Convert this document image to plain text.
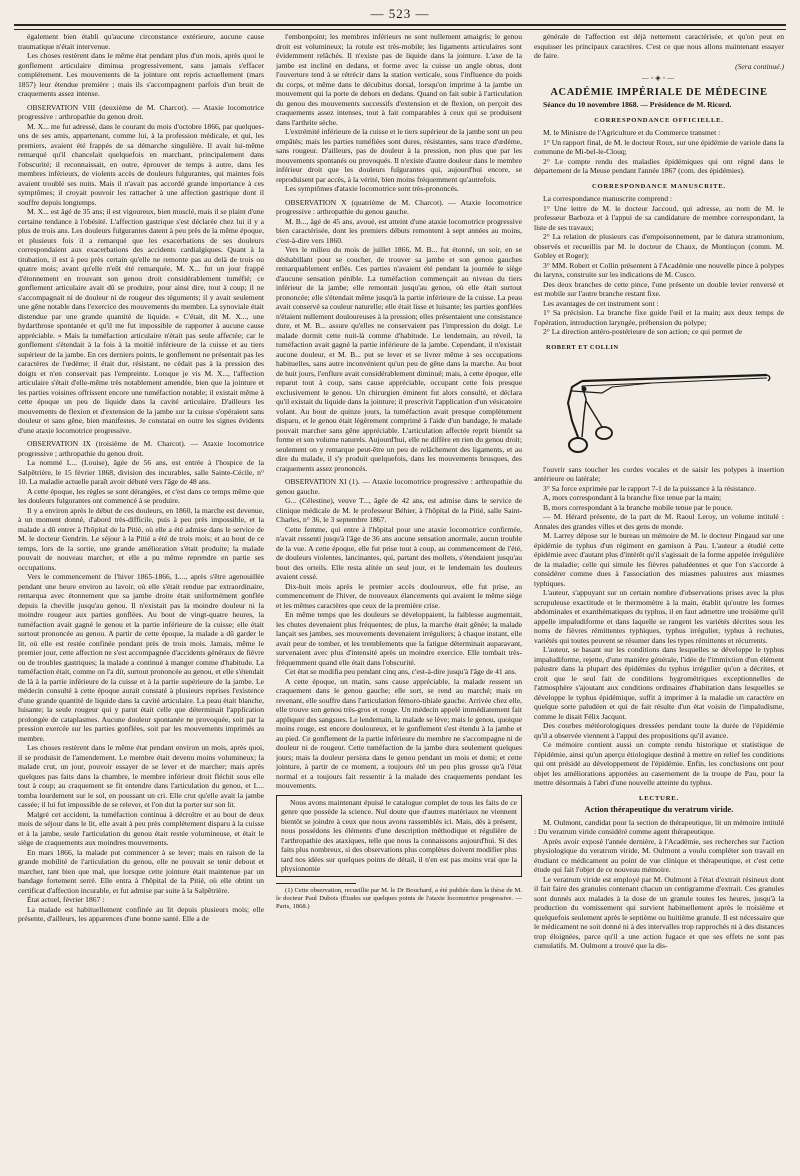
— 523 —

également bien établi qu'aucune circonstance extérieure, aucune cause traumatique n'était intervenue.

Les choses restèrent dans le même état pendant plus d'un mois, après quoi le gonflement articulaire diminua progressivement, sans jamais s'effacer complétement. Les mouvements de la jointure ont repris actuellement (mars 1857) leur étendue première ; mais ils s'accompagnent parfois d'un bruit de craquements assez intense.

OBSERVATION VIII (deuxième de M. Charcot). — Ataxie locomotrice progressive : arthropathie du genou droit.

M. X... me fut adressé, dans le courant du mois d'octobre 1866, par quelques-uns de ses amis, appartenant, comme lui, à la profession médicale, et qui, les premiers, avaient été frappés de sa démarche singulière. Il avait lui-même remarqué qu'il chancelait quelquefois en marchant, principalement dans l'obscurité; il reconnaissait, en outre, éprouver de temps à autre, dans les membres inférieurs, de violents accès de douleurs fulgurantes, qui maintes fois avaient troublé ses nuits. Mais il n'avait pas accordé grande importance à ces symptômes; il croyait pouvoir les rattacher à une affection gastrique dont il souffre depuis longtemps.

M. X... est âgé de 35 ans; il est vigoureux, bien musclé, mais il se plaint d'une certaine tendance à l'obésité. L'affection gastrique s'est déclarée chez lui il y a plus de trois ans. Les douleurs fulgurantes datent à peu près de la même époque, et plusieurs fois il a remarqué que les exacerbations de ses douleurs correspondaient aux exacerbations des accidents cardialgiques. Quant à la titubation, il est à peu près certain qu'elle ne remonte pas au delà de trois ou quatre mois; avant qu'elle n'eût été remarquée, M. X... fut un jour frappé d'étonnement en trouvant son genou droit considérablement tuméfié; ce gonflement articulaire avait dû se produire, pour ainsi dire, tout à coup; il ne s'accompagnait ni de douleur ni de rougeur des téguments; il y avait seulement une gêne notable dans l'exercice des mouvements du membre. La synoviale était distendue par une grande quantité de liquide. « C'était, dit M. X..., une hydarthrose spontanée et qu'il me fut impossible de rapporter à aucune cause appréciable. » Mais la tuméfaction articulaire n'était pas seule affectée; car le gonflement s'étendait à la fois à la moitié inférieure de la cuisse et au tiers supérieur de la jambe. En ces derniers points, le gonflement ne présentait pas les caractères de l'œdème; il était dur, résistant, ne cédait pas à la pression des doigts et n'en conservait pas l'empreinte. Lorsque je vis M. X..., l'affection articulaire s'était d'elle-même très notablement amendée, bien que la jointure et les parties voisines offrissent encore une tuméfaction notable; il existait même à cette époque un peu de liquide dans la cavité articulaire. D'ailleurs les mouvements de flexion et d'extension de la jambe sur la cuisse s'opéraient sans douleur et sans gêne, bien manifestes. Je constatai en outre les signes évidents d'une ataxie locomotrice progressive.

OBSERVATION IX (troisième de M. Charcot). — Ataxie locomotrice progressive ; arthropathie du genou droit.

La nommé L... (Louise), âgée de 56 ans, est entrée à l'hospice de la Salpêtrière, le 15 février 1868, division des incurables, salle Sainte-Cécile, n° 10. La maladie actuelle paraît avoir débuté vers l'âge de 48 ans.

A cette époque, les règles se sont dérangées, et c'est dans ce temps même que les douleurs fulgurantes ont commencé à se produire.

Il y a environ après le début de ces douleurs, en 1860, la marche est devenue, à un moment donné, d'abord très-difficile, puis à peu près impossible, et la malade a dû entrer à l'hôpital de la Pitié, où elle a été admise dans le service de M. le docteur Gendrin. Le séjour à la Pitié a été de trois mois; et au bout de ce temps, lors de la sortie, une grande amélioration s'était produite; la malade pouvait de nouveau marcher, et elle a pu même reprendre en partie ses occupations.

Vers le commencement de l'hiver 1865-1866, L..., après s'être agenouillée pendant une heure environ au lavoir, où elle s'était rendue par extraordinaire, remarqua avec étonnement que sa jambe droite était uniformément gonflée depuis la cheville jusqu'au genou. Il n'existait pas la moindre douleur ni la moindre rougeur aux parties gonflées. Au bout de vingt-quatre heures, la tuméfaction avait gagné le genou et la partie inférieure de la cuisse; elle était surtout prononcée au genou. A partir de cette époque, la malade a dû garder le lit, où elle est restée confinée pendant près de trois mois. Jamais, même le premier jour, cette affection ne s'est accompagnée d'accidents généraux de fièvre ou de troubles gastriques; la malade a continué à manger comme d'habitude. La tuméfaction était, comme on l'a dit, surtout prononcée au genou, et elle s'étendait de là à la partie inférieure de la cuisse et à la partie supérieure de la jambe. Le médecin consulté à cette époque aurait constaté à plusieurs reprises l'existence d'une grande quantité de liquide dans la cavité articulaire. La peau était blanche, luisante; la seule rougeur qui y parut était celle que déterminait l'application prolongée de cataplasmes. Aucune douleur spontanée ne provoquée, soit par la pression exercée sur les parties gonflées, soit par les mouvements imprimés au membre.

Les choses restèrent dans le même état pendant environ un mois, après quoi, il se produisit de l'amendement. Le membre était devenu moins volumineux; la malade crut, un jour, pouvoir essayer de se lever et de marcher; mais après quelques pas faits dans la chambre, le membre inférieur droit fléchit sous elle tout à coup; au craquement se fit entendre dans l'articulation du genou, et L... tomba lourdement sur le sol, en poussant un cri. Elle crut qu'elle avait la jambe cassée; il lui fut impossible de se relever, et l'on dut la porter sur son lit.

Malgré cet accident, la tuméfaction continua à décroître et au bout de deux mois de séjour dans le lit, elle avait à peu près complétement disparu à la cuisse et à la jambe, seule l'articulation du genou était restée volumineuse, et était le siège de craquements aux moindres mouvements.

En mars 1866, la malade put commencer à se lever; mais en raison de la grande mobilité de l'articulation du genou, elle ne pouvait se tenir debout et marcher, tant bien que mal, que lorsque cette jointure était maintenue par un bandage fortement serré. Elle entra à l'hôpital de la Pitié, où elle obtint un certificat d'affection incurable, et fut admise par suite à la Salpêtrière.

État actuel, février 1867 :

La malade est habituellement confinée au lit depuis plusieurs mois; elle présente, d'ailleurs, les apparences d'une bonne santé. Elle a de

l'embonpoint; les membres inférieurs ne sont nullement amaigris; le genou droit est volumineux; la rotule est très-mobile; les ligaments articulaires sont évidemment relâchés. Il n'existe pas de liquide dans la jointure. L'axe de la jambe est incliné en dedans, et forme avec la cuisse un angle obtus, dont l'ouverture tend à se rétrécir dans la station verticale, sous l'influence du poids du corps, et même dans le décubitus dorsal, lorsqu'on imprime à la jambe un mouvement qui la porte de dehors en dedans. Quand on fait subir à l'articulation du genou des mouvements successifs d'extension et de flexion, on perçoit des craquements assez intenses, tout à fait comparables à ceux qui se produisent dans l'arthrite sèche.

L'extrémité inférieure de la cuisse et le tiers supérieur de la jambe sont un peu empâtés; mais les parties tuméfiées sont dures, résistantes, sans trace d'œdème, sans rougeur. D'ailleurs, pas de douleur à la pression, non plus que par les mouvements spontanés ou provoqués. Il n'existe d'autre douleur dans le membre inférieur droit que les douleurs fulgurantes qui, aujourd'hui encore, se reproduisent par accès, à la vérité, bien moins fréquemment qu'autrefois.

Les symptômes d'ataxie locomotrice sont très-prononcés.

OBSERVATION X (quatrième de M. Charcot). — Ataxie locomotrice progressive : arthropathie du genou gauche.

M. B..., âgé de 45 ans, avoué, est atteint d'une ataxie locomotrice progressive bien caractérisée, dont les premiers débuts remontent à sept années au moins, c'est-à-dire vers 1860.

Vers le milieu du mois de juillet 1866, M. B... fut étonné, un soir, en se déshabillant pour se coucher, de trouver sa jambe et son genou gauches remarquablement enflés. Ces parties n'avaient été pendant la journée le siège d'aucune sensation pénible. La tuméfaction commençait au niveau du tiers inférieur de la jambe; elle remontait jusqu'au genou, où elle était surtout prononcée; elle s'étendait même jusqu'à la partie inférieure de la cuisse. La peau avait conservé sa couleur naturelle; elle était lisse et luisante; les parties gonflées n'étaient nullement douloureuses à la pression; elles présentaient une consistance dure, et M. B... assure qu'elles ne conservaient pas l'impression du doigt. Le malade dormit cette nuit-là comme d'habitude. Le lendemain, au réveil, la tuméfaction avait gagné la partie inférieure de la jambe. Cependant, il n'existait aucune douleur, et M. B... put se lever et se livrer même à ses occupations habituelles, sans autre inconvénient qu'un peu de gêne dans la marche. Au bout de huit jours, l'enflure avait considérablement diminué; mais, à cette époque, elle reparut tout à coup, sans cause appréciable, occupant cette fois presque exclusivement le genou. Un chirurgien éminent fut alors consulté, et déclara qu'il existait du liquide dans la jointure; il prescrivit l'application d'un vésicatoire volant. Au bout de quinze jours, la tuméfaction avait presque complètement disparu, et le genou était légèrement comprimé à l'aide d'un bandage, le malade pouvait marcher sans gêne appréciable. L'articulation affectée reprit bientôt sa forme et son volume naturels. Aujourd'hui, elle ne diffère en rien du genou droit; seulement on y remarque peut-être un peu de relâchement des ligaments, et au dire du malade, il s'y produit quelquefois, dans les mouvements brusques, des craquements assez prononcés.

OBSERVATION XI (1). — Ataxie locomotrice progressive : arthropathie du genou gauche.

G... (Célestine), veuve T..., âgée de 42 ans, est admise dans le service de clinique médicale de M. le professeur Béhier, à l'hôpital de la Pitié, salle Saint-Charles, n° 36, le 3 septembre 1867.

Cette femme, qui entre à l'hôpital pour une ataxie locomotrice confirmée, n'avait ressenti jusqu'à l'âge de 36 ans aucune sensation anormale, aucun trouble de la vue. A cette époque, elle fut prise tout à coup, au commencement de l'été, de douleurs violentes, lancinantes, qui, partant des mollets, s'étendaient jusqu'au bout des orteils. Elle resta alitée un seul jour, et le lendemain les douleurs avaient cessé.

Dix-huit mois après le premier accès douloureux, elle fut prise, au commencement de l'hiver, de nouveaux élancements qui avaient le même siège et les mêmes caractères que ceux de la première crise.

En même temps que les douleurs se développaient, la faiblesse augmentait, les chutes devenaient plus fréquentes; de plus, la marche était gênée; la malade lançait ses jambes, ses mouvements devenaient irréguliers; à chaque instant, elle avait peur de tomber, et les tremblements que la fatigue déterminait auparavant, survenaient avec plus d'intensité après un moindre exercice. Elle tombait très-fréquemment quand elle était dans l'obscurité.

Cet état se modifia peu pendant cinq ans, c'est-à-dire jusqu'à l'âge de 41 ans.

A cette époque, un matin, sans cause appréciable, la malade ressent un craquement dans le genou gauche; elle sort, se rend au marché; mais en revenant, elle souffre dans l'articulation fémoro-tibiale gauche. Arrivée chez elle, elle trouve son genou très-gros et rouge. Un médecin appelé immédiatement fait appliquer des sangsues. Le lendemain, la malade se lève; mais le genou, quoique moins rouge, est encore douloureux, et le gonflement s'est étendu à la jambe et au pied. Ce gonflement de la partie inférieure du membre ne s'accompagne ni de douleur ni de rougeur. Cette tuméfaction de la jambe dura seulement quelques jours; mais la douleur persista dans le genou pendant un mois et demi; et cette jointure, à partir de ce moment, a toujours été un peu plus grosse qu'à l'état normal et a toujours fait ressentir à la malade des craquements pendant les mouvements.

Nous avons maintenant épuisé le catalogue complet de tous les faits de ce genre que possède la science. Nul doute que d'autres matériaux ne viennent bientôt se joindre à ceux que nous avons rassemblés ici. Mais, dès à présent, nous possédons les éléments d'une description méthodique et régulière de l'arthropathie des ataxiques, telle que nous la connaissons aujourd'hui. Si des faits plus nombreux, si des observations plus complètes doivent modifier plus tard nos idées sur quelques points de détail, il n'en est pas moins vrai que la physionomie

(1) Cette observation, recueillie par M. le Dr Bouchard, a été publiée dans la thèse de M. le docteur Paul Dubois (Études sur quelques points de l'ataxie locomotrice progressive. — Paris, 1868.)

générale de l'affection est déjà nettement caractérisée, et qu'on peut en esquisser les principaux caractères. C'est ce que nous allons maintenant essayer de faire.

(Sera continué.)
—◦◈◦—
ACADÉMIE IMPÉRIALE DE MÉDECINE

Séance du 10 novembre 1868. — Présidence de M. Ricord.

CORRESPONDANCE OFFICIELLE.

M. le Ministre de l'Agriculture et du Commerce transmet :

1° Un rapport final, de M. le docteur Roux, sur une épidémie de variole dans la commune de Mi-bel-le-Clouq;

2° Le compte rendu des maladies épidémiques qui ont régné dans le département de la Meuse pendant l'année 1867 (com. des épidémies).

CORRESPONDANCE MANUSCRITE.

La correspondance manuscrite comprend :

1° Une lettre de M. le docteur Jaccoud, qui adresse, au nom de M. le professeur Barboza et à l'appui de sa candidature de membre correspondant, la liste de ses travaux;

2° La relation de plusieurs cas d'empoisonnement, par le datura stramonium, observés et recueillis par M. le docteur de Chaux, de Montiuçon (comm. M. Gobley et Roger);

3° MM. Robert et Collin présentent à l'Académie une nouvelle pince à polypes du larynx, construite sur les indications de M. Cusco.

Des deux branches de cette pince, l'une présente un double levier renversé et est mobile sur l'autre branche restant fixe.

Les avantages de cet instrument sont :

1° Sa précision. La branche fixe guide l'œil et la main; aux deux temps de l'opération, introduction laryngée, préhension du polype;

2° La direction antéro-postérieure de son action; ce qui permet de

ROBERT ET COLLIN

l'ouvrir sans toucher les cordes vocales et de saisir les polypes à insertion antérieure ou latérale;

3° Sa force exprimée par le rapport 7-1 de la puissance à la résistance.

A, mors correspondant à la branche fixe tenue par la main;

B, mors correspondant à la branche mobile tenue par le pouce.

— M. Hérard présente, de la part de M. Raoul Leroy, un volume intitulé : Annales des grandes villes et des gens de monde.

M. Larrey dépose sur le bureau un mémoire de M. le docteur Pingaud sur une épidémie de typhus d'un régiment en garnison à Pau. L'auteur a étudié cette épidémie avec d'autant plus d'intérêt qu'il s'agissait de la forme appelée irrégulière de la maladie; celle qui simule les fièvres paludéennes et que l'on s'accorde à considérer comme dues à l'association des miasmes palustres aux miasmes typhiques.

L'auteur, s'appuyant sur un certain nombre d'observations prises avec la plus scrupuleuse exactitude et le thermomètre à la main, établit qu'outre les formes abdominales et exanthématiques du typhus, il en faut admettre une troisième qu'il appelle impaludiforme et dans laquelle se rangent les variétés décrites sous les noms de fièvres rémittentes typhiques, typhus irrégulier, typhus à rechutes, variétés qui toutes peuvent se résumer dans les types rémittents et récurrents.

L'auteur, se basant sur les conditions dans lesquelles se développe le typhus impaludiforme, rejette, d'une manière générale, l'idée de l'immixtion d'un élément palustre dans la plupart des épidémies du typhus irrégulier qu'on a décrites, et croit que le seul fait de conditions hygrométriques exceptionnelles de l'atmosphère s'ajoutant aux conditions ordinaires d'habitation dans lesquelles se développe le typhus épidémique, suffit à imprimer à la maladie un caractère en quelque sorte paludéen et qui de fait résulte d'un état voisin de l'impaludisme, comme le disait Félix Jacquot.

Des courbes météorologiques dressées pendant toute la durée de l'épidémie qu'il a observée viennent à l'appui des propositions qu'il avance.

Ce mémoire contient aussi un compte rendu historique et statistique de l'épidémie, ainsi qu'un aperçu étiologique destiné à mettre en relief les conditions qui ont présidé au développement de l'épidémie. Enfin, les conclusions ont pour objet les améliorations apportées au casernement de la troupe de Pau, pour la mettre désormais à l'abri d'une nouvelle atteinte du typhus.

LECTURE.
Action thérapeutique du veratrum viride.

M. Oulmont, candidat pour la section de thérapeutique, lit un mémoire intitulé : Du veratrum viride considéré comme agent thérapeutique.

Après avoir exposé l'année dernière, à l'Académie, ses recherches sur l'action physiologique du veratrum viride, M. Oulmont a voulu compléter son travail en étudiant ce médicament au point de vue clinique et thérapeutique, et c'est cette étude qui fait l'objet de ce nouveau mémoire.

Le veratrum viride est employé par M. Oulmont à l'état d'extrait résineux dont il fait faire des granules contenant chacun un centigramme d'extrait. Ces granules sont donnés aux malades à la dose de un granule toutes les heures, jusqu'à la production du vomissement qui survient habituellement après le troisième et quelquefois seulement après le septième ou huitième granule. Il est nécessaire que le médicament ne soit donné ni à des intervalles trop rapprochés ni à des distances trop éloignées, parce qu'il a une action fugace et que ses effets ne sont pas cumulatifs. M. Oulmont a trouvé que la dis-
